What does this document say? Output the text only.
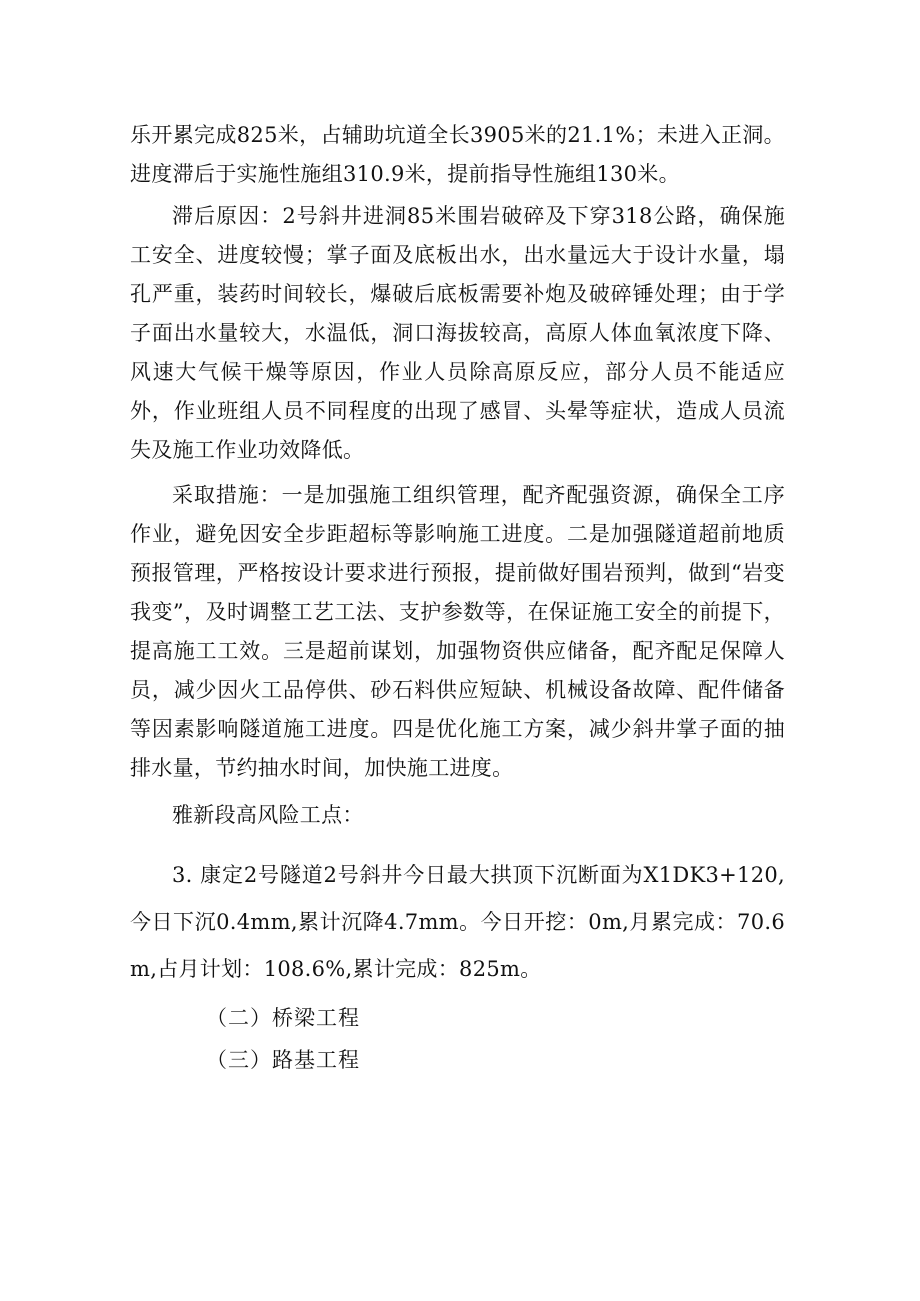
乐开累完成825米，占辅助坑道全长3905米的21.1%；未进入正洞。进度滞后于实施性施组310.9米，提前指导性施组130米。

滞后原因：2号斜井进洞85米围岩破碎及下穿318公路，确保施工安全、进度较慢；掌子面及底板出水，出水量远大于设计水量，塌孔严重，装药时间较长，爆破后底板需要补炮及破碎锤处理；由于学子面出水量较大，水温低，洞口海拔较高，高原人体血氧浓度下降、风速大气候干燥等原因，作业人员除高原反应，部分人员不能适应外，作业班组人员不同程度的出现了感冒、头晕等症状，造成人员流失及施工作业功效降低。

采取措施：一是加强施工组织管理，配齐配强资源，确保全工序作业，避免因安全步距超标等影响施工进度。二是加强隧道超前地质预报管理，严格按设计要求进行预报，提前做好围岩预判，做到“岩变我变”，及时调整工艺工法、支护参数等，在保证施工安全的前提下，提高施工工效。三是超前谋划，加强物资供应储备，配齐配足保障人员，减少因火工品停供、砂石料供应短缺、机械设备故障、配件储备等因素影响隧道施工进度。四是优化施工方案，减少斜井掌子面的抽排水量，节约抽水时间，加快施工进度。

雅新段高风险工点：

3. 康定2号隧道2号斜井今日最大拱顶下沉断面为X1DK3+120,今日下沉0.4mm,累计沉降4.7mm。今日开挖：0m,月累完成：70.6m,占月计划：108.6%,累计完成：825m。

（二）桥梁工程

（三）路基工程
